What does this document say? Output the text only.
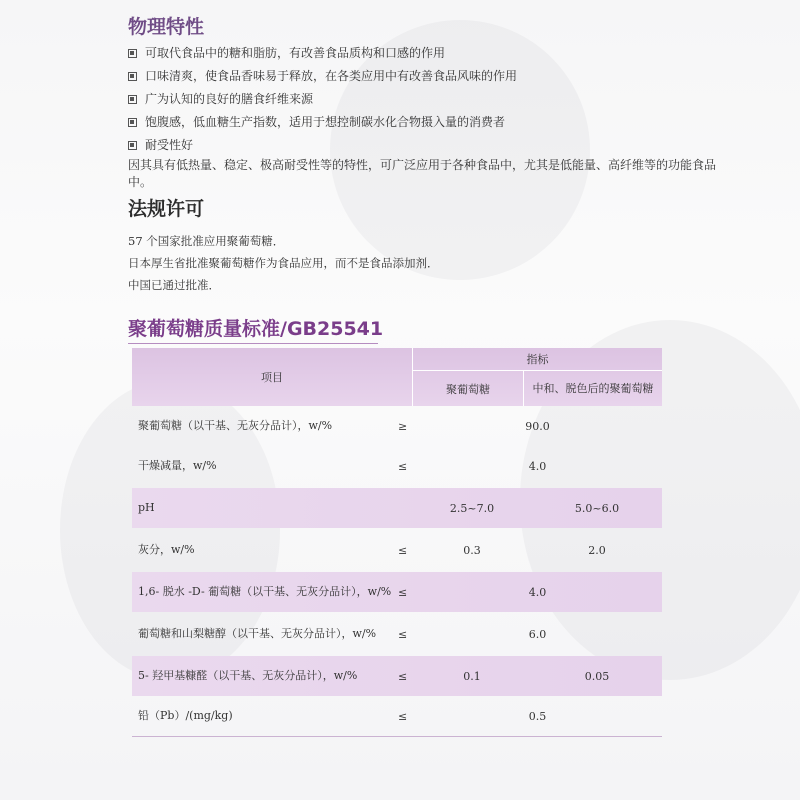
物理特性
可取代食品中的糖和脂肪，有改善食品质构和口感的作用
口味清爽，使食品香味易于释放，在各类应用中有改善食品风味的作用
广为认知的良好的膳食纤维来源
饱腹感，低血糖生产指数，适用于想控制碳水化合物摄入量的消费者
耐受性好

因其具有低热量、稳定、极高耐受性等的特性，可广泛应用于各种食品中，尤其是低能量、高纤维等的功能食品中。

法规许可
57 个国家批准应用聚葡萄糖．
日本厚生省批准聚葡萄糖作为食品应用，而不是食品添加剂．
中国已通过批准．
聚葡萄糖质量标准/GB25541
项目
指标
聚葡萄糖	中和、脱色后的聚葡萄糖
聚葡萄糖（以干基、无灰分品计），w/%	≥	90.0
干燥减量，w/%	≤	4.0
pH	2.5~7.0	5.0~6.0
灰分，w/%	≤	0.3	2.0
1,6- 脱水 -D- 葡萄糖（以干基、无灰分品计），w/% ≤	4.0
葡萄糖和山梨糖醇（以干基、无灰分品计），w/%	≤	6.0
5- 羟甲基糠醛（以干基、无灰分品计），w/%	≤	0.1	0.05
铅（Pb）/(mg/kg)	≤	0.5
